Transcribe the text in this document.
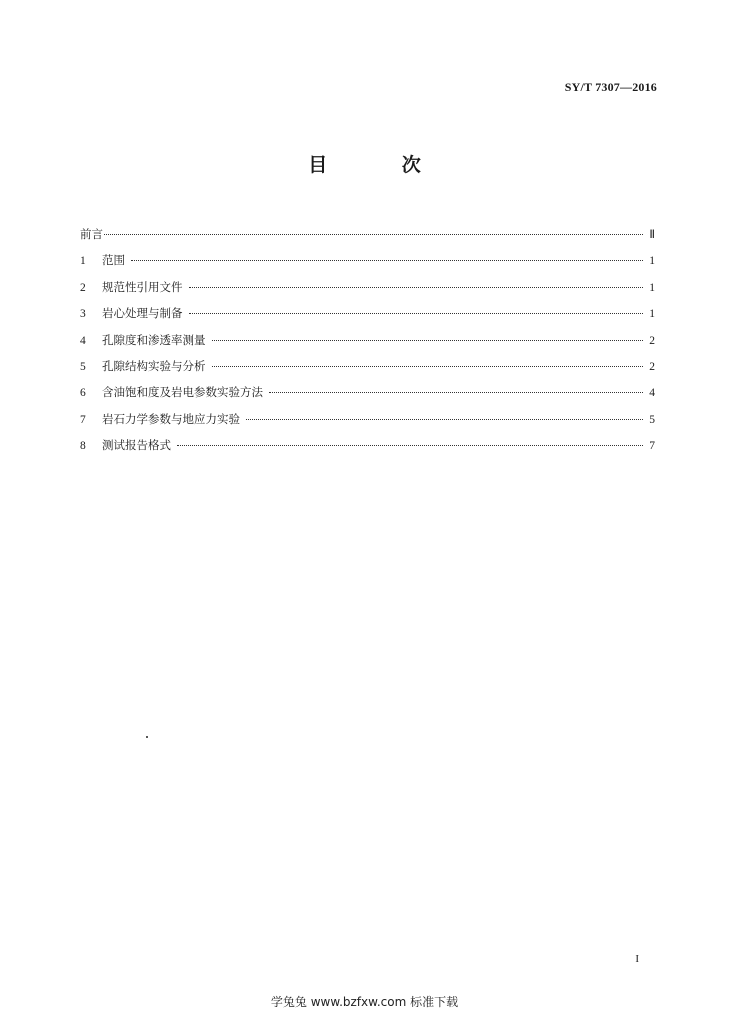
SY/T 7307—2016
目 次
前言	Ⅱ
1	范围	1
2	规范性引用文件	1
3	岩心处理与制备	1
4	孔隙度和渗透率测量	2
5	孔隙结构实验与分析	2
6	含油饱和度及岩电参数实验方法	4
7	岩石力学参数与地应力实验	5
8	测试报告格式	7
I
学兔兔 www.bzfxw.com 标准下载
